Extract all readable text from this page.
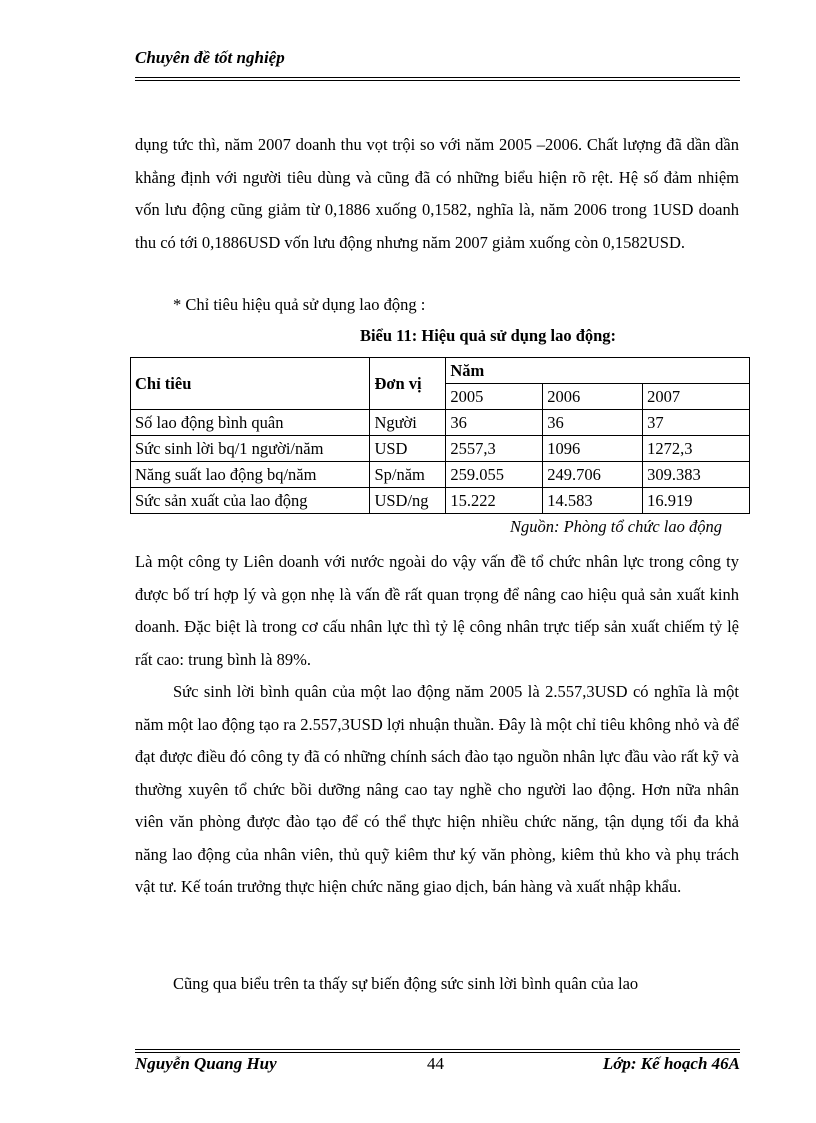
Chuyên đề tốt nghiệp

dụng tức thì, năm 2007 doanh thu vọt trội so với năm 2005 –2006. Chất lượng đã dần dần khẳng định với người tiêu dùng và cũng đã có những biểu hiện rõ rệt. Hệ số đảm nhiệm vốn lưu động cũng giảm từ 0,1886 xuống 0,1582, nghĩa là, năm 2006 trong 1USD doanh thu có tới 0,1886USD vốn lưu động nhưng năm 2007 giảm xuống còn 0,1582USD.

* Chỉ tiêu hiệu quả sử dụng lao động :

Biểu 11: Hiệu quả sử dụng lao động:

Chỉ tiêu	Đơn vị	Năm		
		2005	2006	2007
Số lao động bình quân	Người	36	36	37
Sức sinh lời bq/1 người/năm	USD	2557,3	1096	1272,3
Năng suất lao động bq/năm	Sp/năm	259.055	249.706	309.383
Sức sản xuất của lao động	USD/ng	15.222	14.583	16.919

Nguồn: Phòng tổ chức lao động

Là một công ty Liên doanh với nước ngoài do vậy vấn đề tổ chức nhân lực trong công ty được bố trí hợp lý và gọn nhẹ là vấn đề rất quan trọng để nâng cao hiệu quả sản xuất kinh doanh. Đặc biệt là trong cơ cấu nhân lực thì tỷ lệ công nhân trực tiếp sản xuất chiếm tỷ lệ rất cao: trung bình là 89%.

Sức sinh lời bình quân của một lao động năm 2005 là 2.557,3USD có nghĩa là một năm một lao động tạo ra 2.557,3USD lợi nhuận thuần. Đây là một chỉ tiêu không nhỏ và để đạt được điều đó công ty đã có những chính sách đào tạo nguồn nhân lực đầu vào rất kỹ và thường xuyên tổ chức bồi dưỡng nâng cao tay nghề cho người lao động. Hơn nữa nhân viên văn phòng được đào tạo để có thể thực hiện nhiều chức năng, tận dụng tối đa khả năng lao động của nhân viên, thủ quỹ kiêm thư ký văn phòng, kiêm thủ kho và phụ trách vật tư. Kế toán trưởng thực hiện chức năng giao dịch, bán hàng và xuất nhập khẩu.

Cũng qua biểu trên ta thấy sự biến động sức sinh lời bình quân của lao

Nguyễn Quang Huy	44	Lớp: Kế hoạch 46A
